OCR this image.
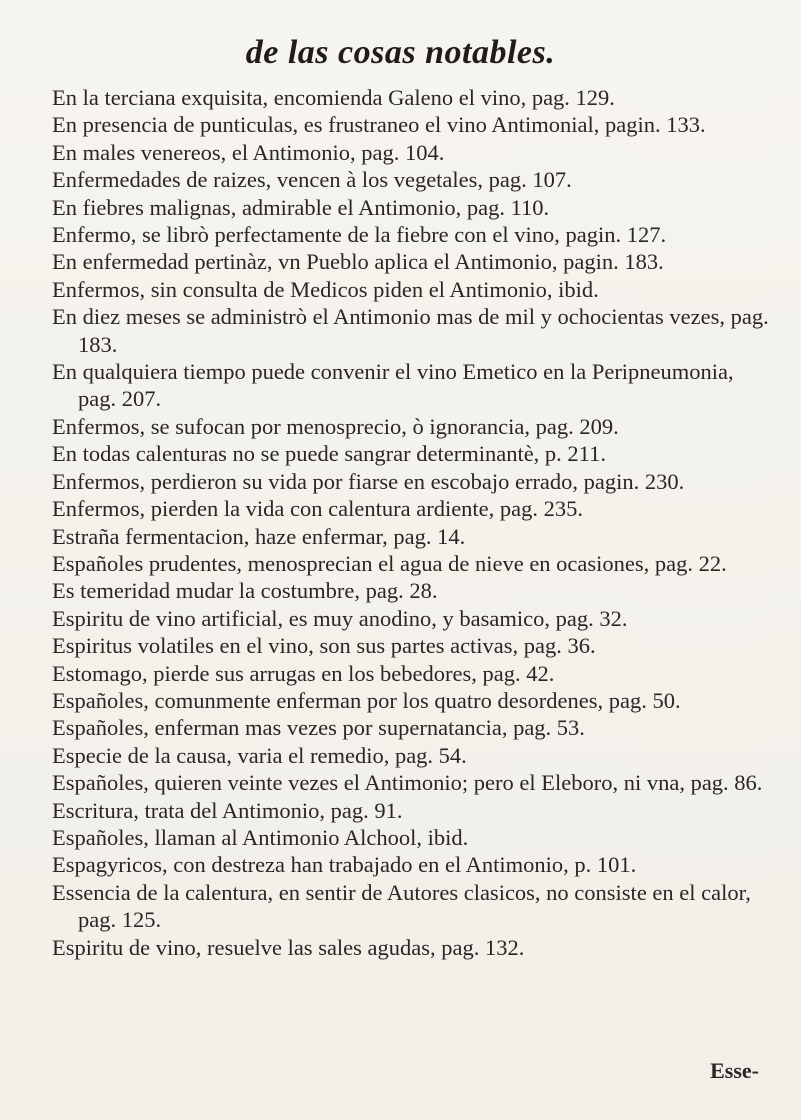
de las cosas notables.

En la terciana exquisita, encomienda Galeno el vino, pag. 129.

En presencia de punticulas, es frustraneo el vino Antimonial, pagin. 133.

En males venereos, el Antimonio, pag. 104.

Enfermedades de raizes, vencen à los vegetales, pag. 107.

En fiebres malignas, admirable el Antimonio, pag. 110.

Enfermo, se librò perfectamente de la fiebre con el vino, pagin. 127.

En enfermedad pertinàz, vn Pueblo aplica el Antimonio, pagin. 183.

Enfermos, sin consulta de Medicos piden el Antimonio, ibid.

En diez meses se administrò el Antimonio mas de mil y ochocientas vezes, pag. 183.

En qualquiera tiempo puede convenir el vino Emetico en la Peripneumonia, pag. 207.

Enfermos, se sufocan por menosprecio, ò ignorancia, pag. 209.

En todas calenturas no se puede sangrar determinantè, p. 211.

Enfermos, perdieron su vida por fiarse en escobajo errado, pagin. 230.

Enfermos, pierden la vida con calentura ardiente, pag. 235.

Estraña fermentacion, haze enfermar, pag. 14.

Españoles prudentes, menosprecian el agua de nieve en ocasiones, pag. 22.

Es temeridad mudar la costumbre, pag. 28.

Espiritu de vino artificial, es muy anodino, y basamico, pag. 32.

Espiritus volatiles en el vino, son sus partes activas, pag. 36.

Estomago, pierde sus arrugas en los bebedores, pag. 42.

Españoles, comunmente enferman por los quatro desordenes, pag. 50.

Españoles, enferman mas vezes por supernatancia, pag. 53.

Especie de la causa, varia el remedio, pag. 54.

Españoles, quieren veinte vezes el Antimonio; pero el Eleboro, ni vna, pag. 86.

Escritura, trata del Antimonio, pag. 91.

Españoles, llaman al Antimonio Alchool, ibid.

Espagyricos, con destreza han trabajado en el Antimonio, p. 101.

Essencia de la calentura, en sentir de Autores clasicos, no consiste en el calor, pag. 125.

Espiritu de vino, resuelve las sales agudas, pag. 132.

Esse-
